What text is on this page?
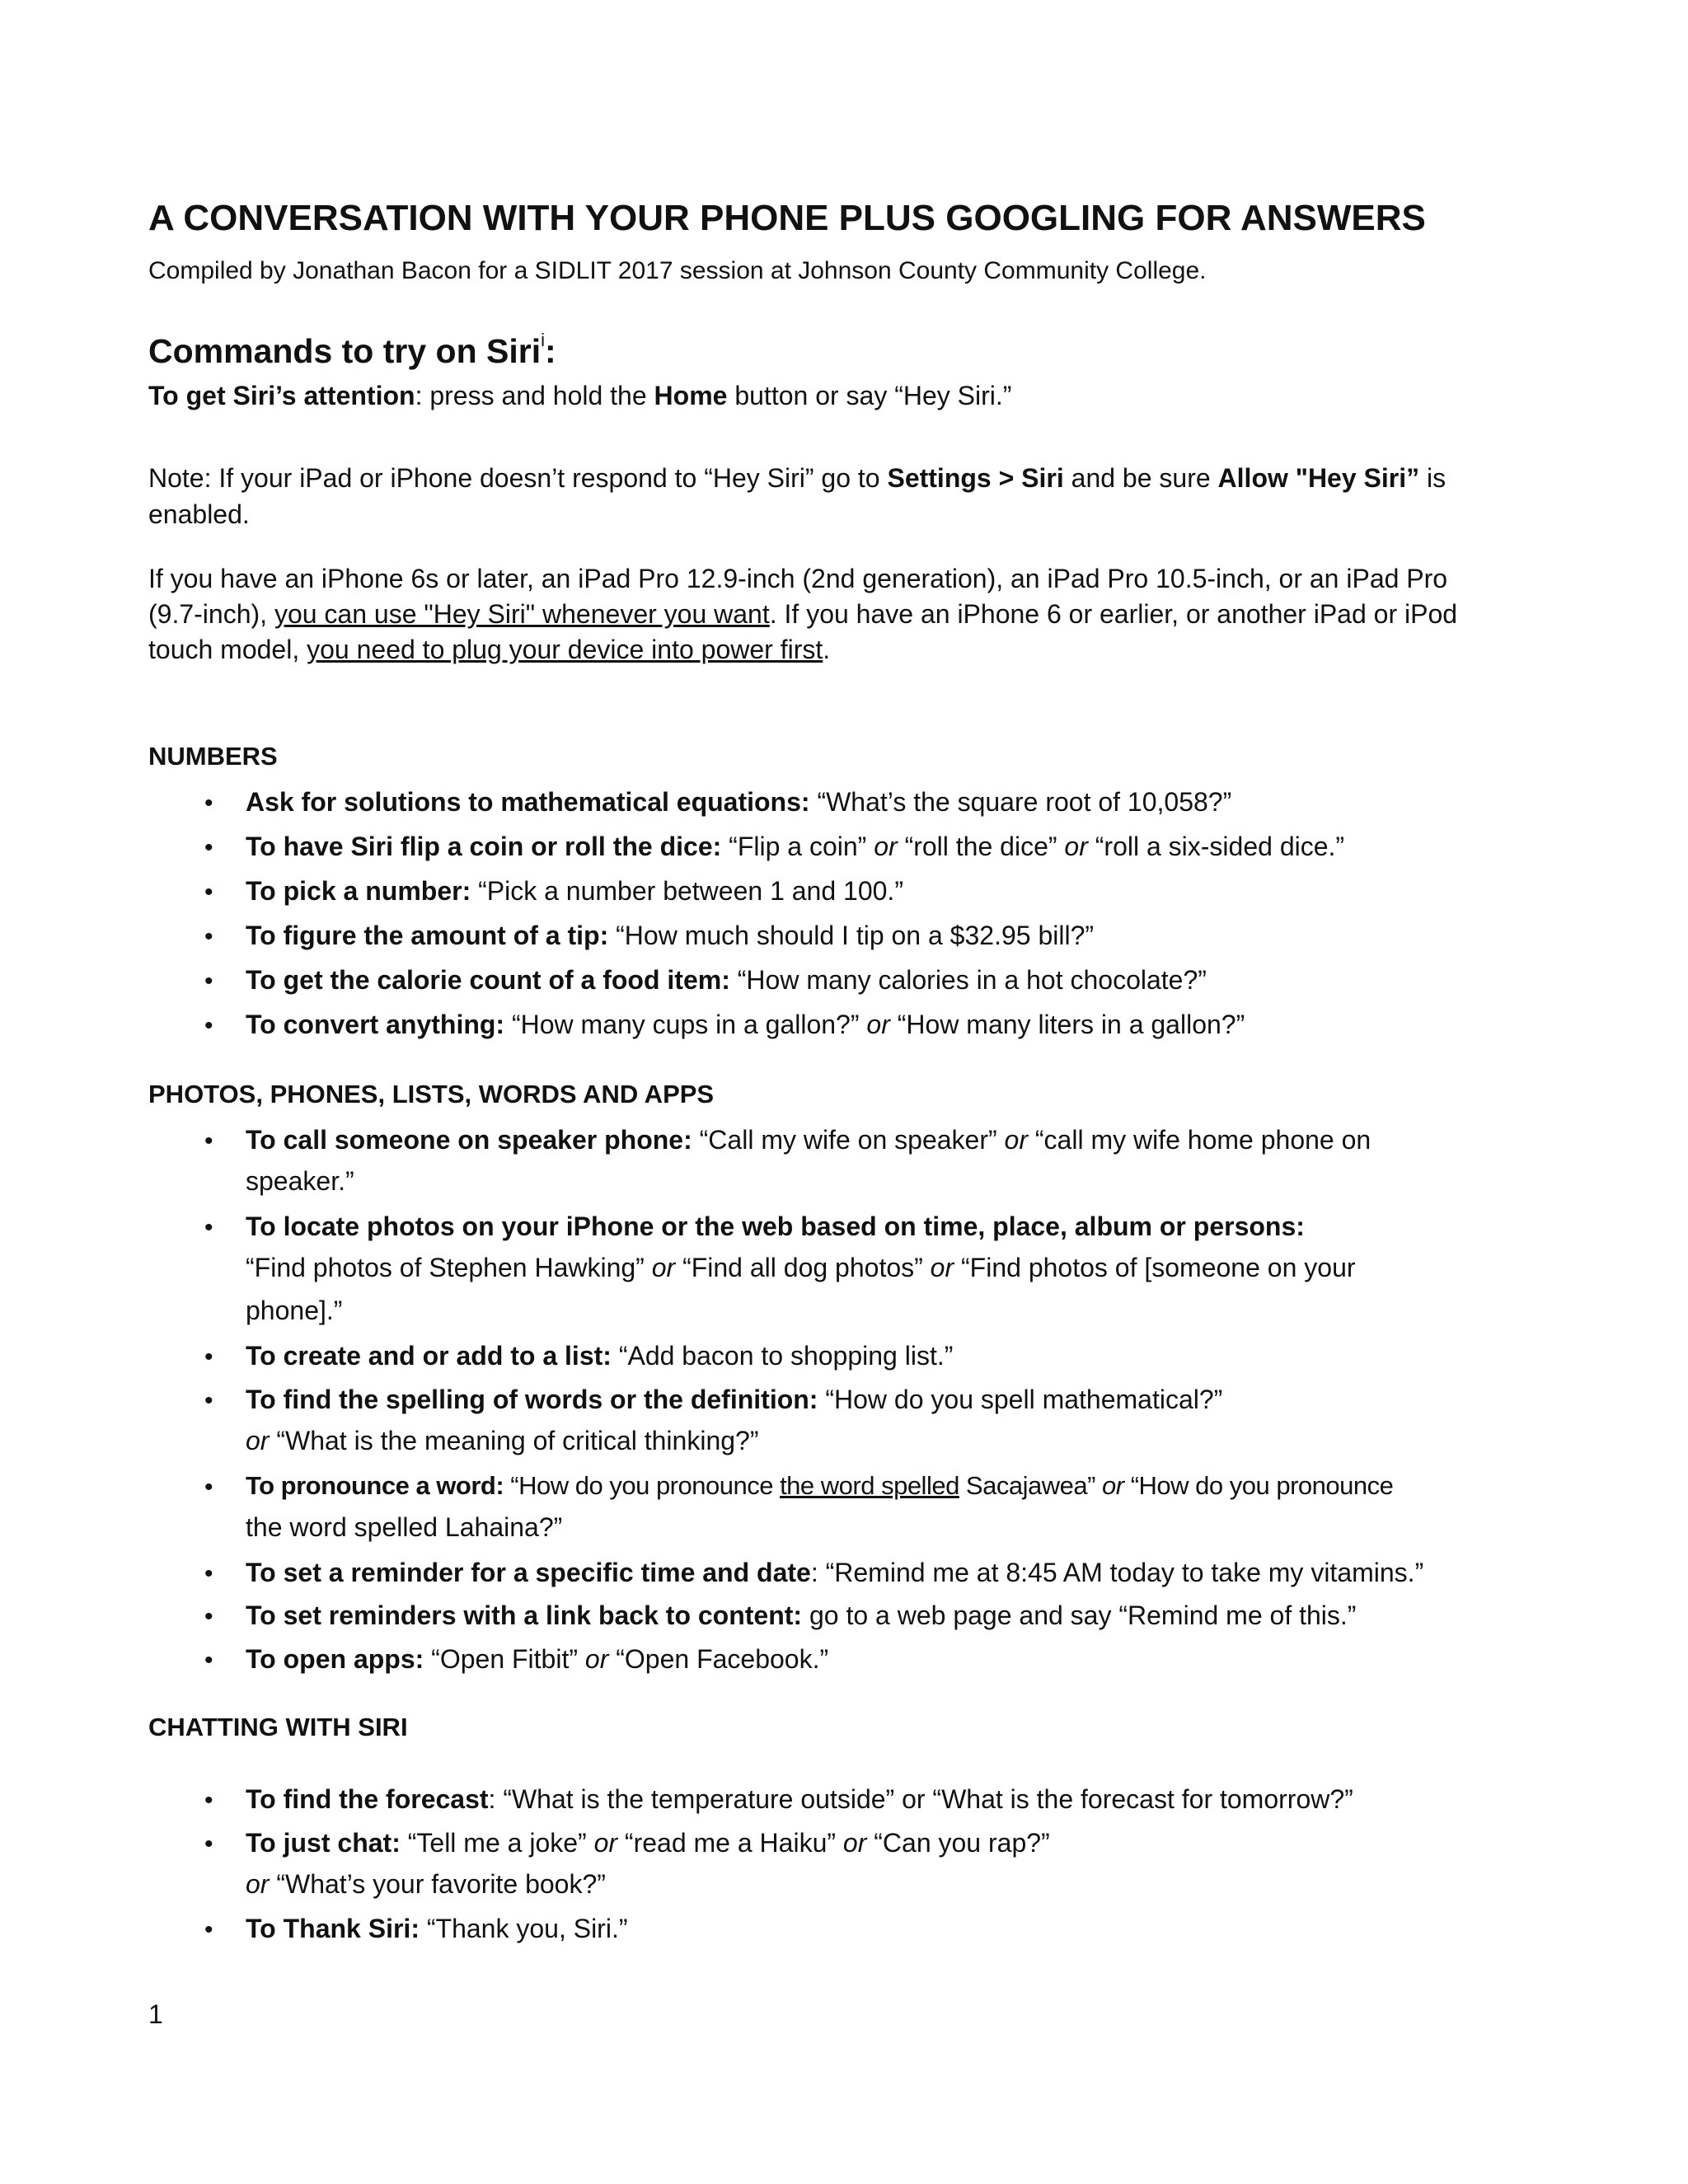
A CONVERSATION WITH YOUR PHONE PLUS GOOGLING FOR ANSWERS
Compiled by Jonathan Bacon for a SIDLIT 2017 session at Johnson County Community College.
Commands to try on Siri$^i$:
To get Siri’s attention: press and hold the Home button or say “Hey Siri.”
Note: If your iPad or iPhone doesn’t respond to “Hey Siri” go to Settings > Siri and be sure Allow "Hey Siri” is
enabled.
If you have an iPhone 6s or later, an iPad Pro 12.9-inch (2nd generation), an iPad Pro 10.5-inch, or an iPad Pro
(9.7-inch), you can use "Hey Siri" whenever you want. If you have an iPhone 6 or earlier, or another iPad or iPod
touch model, you need to plug your device into power first.
NUMBERS
• Ask for solutions to mathematical equations: “What’s the square root of 10,058?”
• To have Siri flip a coin or roll the dice: “Flip a coin” or “roll the dice” or “roll a six-sided dice.”
• To pick a number: “Pick a number between 1 and 100.”
• To figure the amount of a tip: “How much should I tip on a $32.95 bill?”
• To get the calorie count of a food item: “How many calories in a hot chocolate?”
• To convert anything: “How many cups in a gallon?” or “How many liters in a gallon?”
PHOTOS, PHONES, LISTS, WORDS AND APPS
• To call someone on speaker phone: “Call my wife on speaker” or “call my wife home phone on
speaker.”
• To locate photos on your iPhone or the web based on time, place, album or persons:
“Find photos of Stephen Hawking” or “Find all dog photos” or “Find photos of [someone on your
phone].”
• To create and or add to a list: “Add bacon to shopping list.”
• To find the spelling of words or the definition: “How do you spell mathematical?”
or “What is the meaning of critical thinking?”
• To pronounce a word: “How do you pronounce the word spelled Sacajawea” or “How do you pronounce
the word spelled Lahaina?”
• To set a reminder for a specific time and date: “Remind me at 8:45 AM today to take my vitamins.”
• To set reminders with a link back to content: go to a web page and say “Remind me of this.”
• To open apps: “Open Fitbit” or “Open Facebook.”
CHATTING WITH SIRI
• To find the forecast: “What is the temperature outside” or “What is the forecast for tomorrow?”
• To just chat: “Tell me a joke” or “read me a Haiku” or “Can you rap?”
or “What’s your favorite book?”
• To Thank Siri: “Thank you, Siri.”
1
